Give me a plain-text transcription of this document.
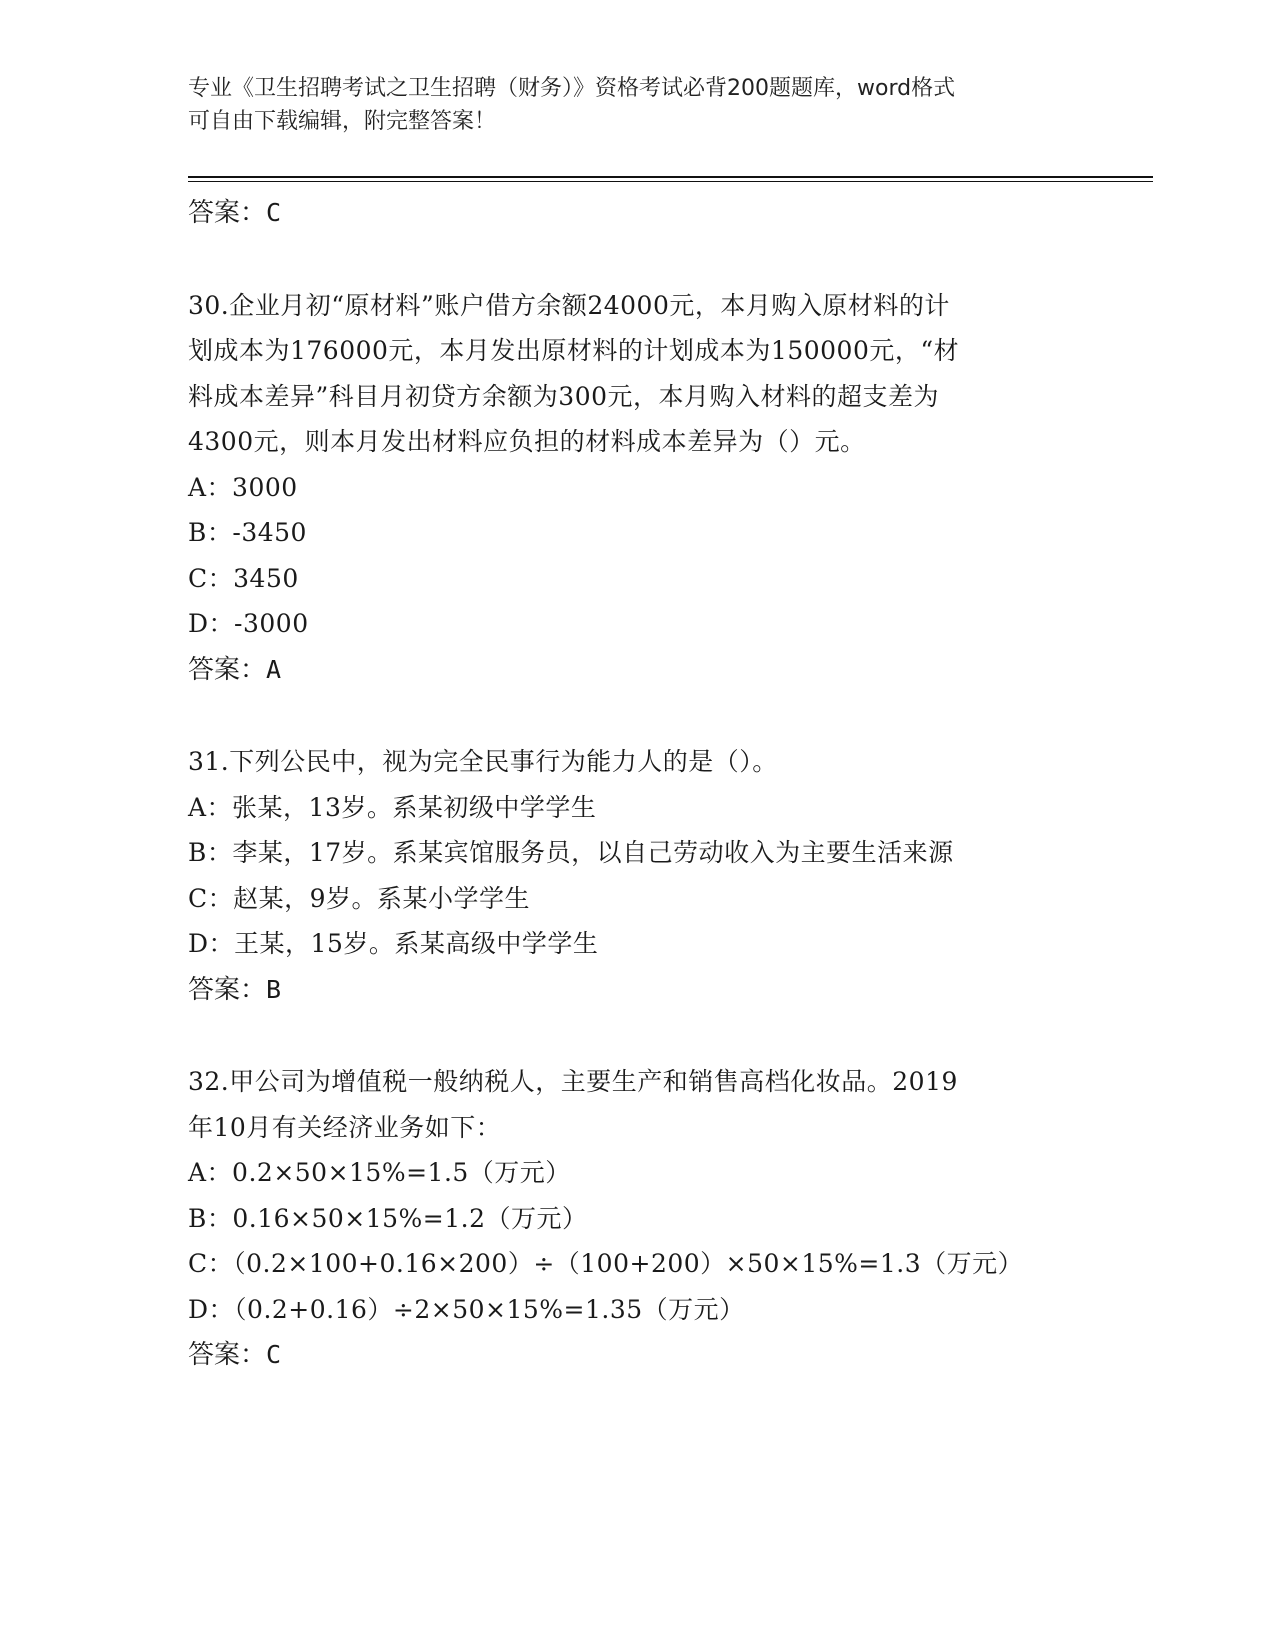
专业《卫生招聘考试之卫生招聘（财务）》资格考试必背200题题库，word格式
可自由下载编辑，附完整答案！
答案：C
30.企业月初“原材料”账户借方余额24000元，本月购入原材料的计
划成本为176000元，本月发出原材料的计划成本为150000元，“材
料成本差异”科目月初贷方余额为300元，本月购入材料的超支差为
4300元，则本月发出材料应负担的材料成本差异为（）元。
A：3000
B：-3450
C：3450
D：-3000
答案：A
31.下列公民中，视为完全民事行为能力人的是（）。
A：张某，13岁。系某初级中学学生
B：李某，17岁。系某宾馆服务员，以自己劳动收入为主要生活来源
C：赵某，9岁。系某小学学生
D：王某，15岁。系某高级中学学生
答案：B
32.甲公司为增值税一般纳税人，主要生产和销售高档化妆品。2019
年10月有关经济业务如下：
A：0.2×50×15%=1.5（万元）
B：0.16×50×15%=1.2（万元）
C：（0.2×100+0.16×200）÷（100+200）×50×15%=1.3（万元）
D：（0.2+0.16）÷2×50×15%=1.35（万元）
答案：C
